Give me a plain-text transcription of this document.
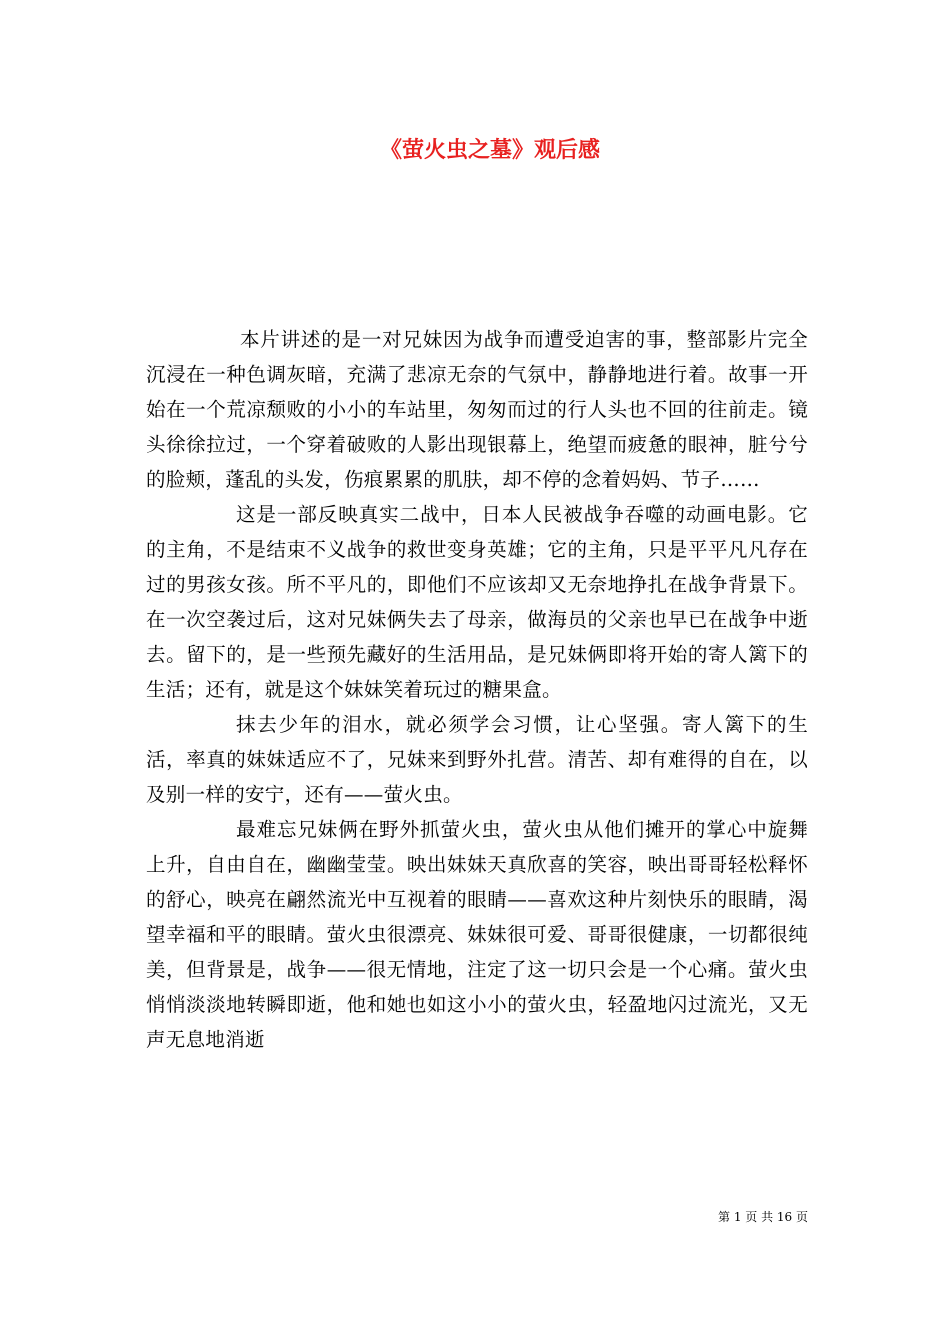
《萤火虫之墓》观后感

本片讲述的是一对兄妹因为战争而遭受迫害的事，整部影片完全沉浸在一种色调灰暗，充满了悲凉无奈的气氛中，静静地进行着。故事一开始在一个荒凉颓败的小小的车站里，匆匆而过的行人头也不回的往前走。镜头徐徐拉过，一个穿着破败的人影出现银幕上，绝望而疲惫的眼神，脏兮兮的脸颊，蓬乱的头发，伤痕累累的肌肤，却不停的念着妈妈、节子……

这是一部反映真实二战中，日本人民被战争吞噬的动画电影。它的主角，不是结束不义战争的救世变身英雄；它的主角，只是平平凡凡存在过的男孩女孩。所不平凡的，即他们不应该却又无奈地挣扎在战争背景下。在一次空袭过后，这对兄妹俩失去了母亲，做海员的父亲也早已在战争中逝去。留下的，是一些预先藏好的生活用品，是兄妹俩即将开始的寄人篱下的生活；还有，就是这个妹妹笑着玩过的糖果盒。

抹去少年的泪水，就必须学会习惯，让心坚强。寄人篱下的生活，率真的妹妹适应不了，兄妹来到野外扎营。清苦、却有难得的自在，以及别一样的安宁，还有——萤火虫。

最难忘兄妹俩在野外抓萤火虫，萤火虫从他们摊开的掌心中旋舞上升，自由自在，幽幽莹莹。映出妹妹天真欣喜的笑容，映出哥哥轻松释怀的舒心，映亮在翩然流光中互视着的眼睛——喜欢这种片刻快乐的眼睛，渴望幸福和平的眼睛。萤火虫很漂亮、妹妹很可爱、哥哥很健康，一切都很纯美，但背景是，战争——很无情地，注定了这一切只会是一个心痛。萤火虫悄悄淡淡地转瞬即逝，他和她也如这小小的萤火虫，轻盈地闪过流光，又无声无息地消逝

第 1 页 共 16 页
